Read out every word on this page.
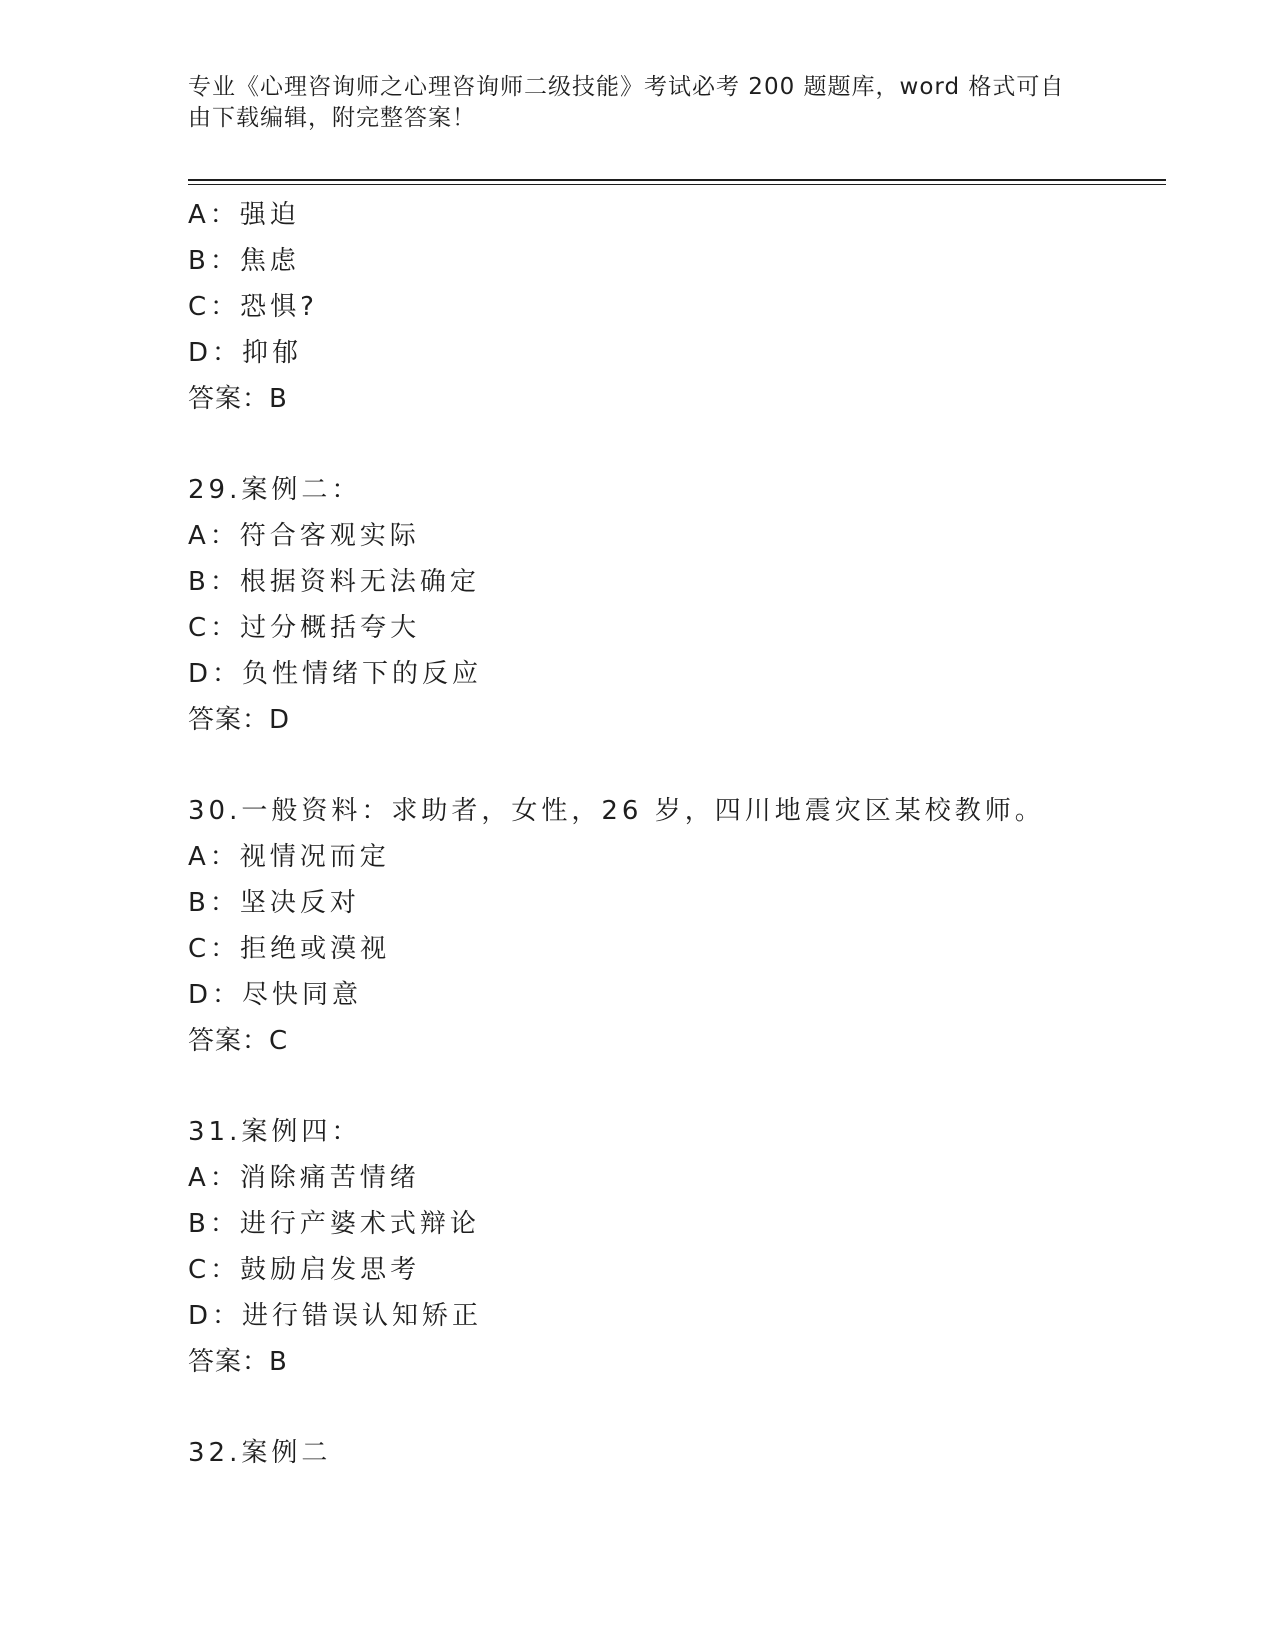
专业《心理咨询师之心理咨询师二级技能》考试必考 200 题题库，word 格式可自由下载编辑，附完整答案！
A：强迫
B：焦虑
C：恐惧?
D：抑郁
答案：B
29.案例二：
A：符合客观实际
B：根据资料无法确定
C：过分概括夸大
D：负性情绪下的反应
答案：D
30.一般资料：求助者，女性，26 岁，四川地震灾区某校教师。
A：视情况而定
B：坚决反对
C：拒绝或漠视
D：尽快同意
答案：C
31.案例四：
A：消除痛苦情绪
B：进行产婆术式辩论
C：鼓励启发思考
D：进行错误认知矫正
答案：B
32.案例二
